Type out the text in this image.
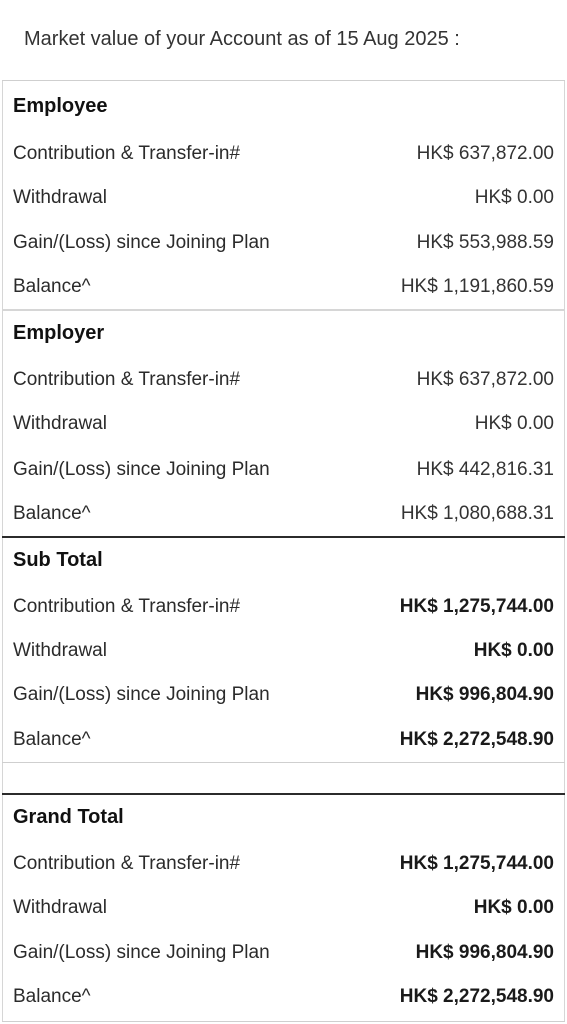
Market value of your Account as of 15 Aug 2025 :
Employee
Contribution & Transfer-in#	HK$ 637,872.00
Withdrawal	HK$ 0.00
Gain/(Loss) since Joining Plan	HK$ 553,988.59
Balance^	HK$ 1,191,860.59
Employer
Contribution & Transfer-in#	HK$ 637,872.00
Withdrawal	HK$ 0.00
Gain/(Loss) since Joining Plan	HK$ 442,816.31
Balance^	HK$ 1,080,688.31
Sub Total
Contribution & Transfer-in#	HK$ 1,275,744.00
Withdrawal	HK$ 0.00
Gain/(Loss) since Joining Plan	HK$ 996,804.90
Balance^	HK$ 2,272,548.90
Grand Total
Contribution & Transfer-in#	HK$ 1,275,744.00
Withdrawal	HK$ 0.00
Gain/(Loss) since Joining Plan	HK$ 996,804.90
Balance^	HK$ 2,272,548.90
